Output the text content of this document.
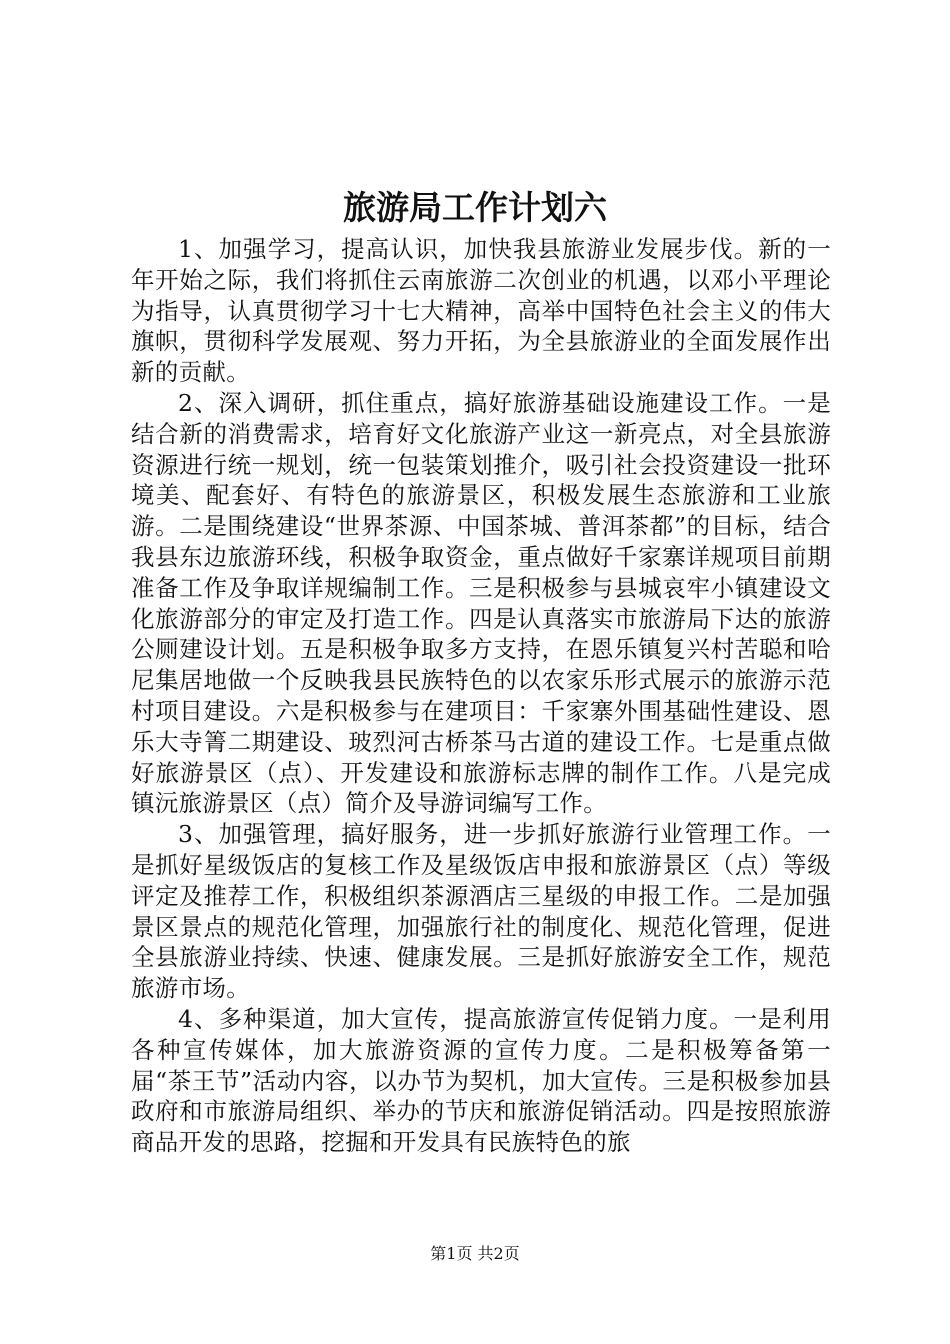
旅游局工作计划六

1、加强学习，提高认识，加快我县旅游业发展步伐。新的一年开始之际，我们将抓住云南旅游二次创业的机遇，以邓小平理论为指导，认真贯彻学习十七大精神，高举中国特色社会主义的伟大旗帜，贯彻科学发展观、努力开拓，为全县旅游业的全面发展作出新的贡献。

2、深入调研，抓住重点，搞好旅游基础设施建设工作。一是结合新的消费需求，培育好文化旅游产业这一新亮点，对全县旅游资源进行统一规划，统一包装策划推介，吸引社会投资建设一批环境美、配套好、有特色的旅游景区，积极发展生态旅游和工业旅游。二是围绕建设“世界茶源、中国茶城、普洱茶都”的目标，结合我县东边旅游环线，积极争取资金，重点做好千家寨详规项目前期准备工作及争取详规编制工作。三是积极参与县城哀牢小镇建设文化旅游部分的审定及打造工作。四是认真落实市旅游局下达的旅游公厕建设计划。五是积极争取多方支持，在恩乐镇复兴村苦聪和哈尼集居地做一个反映我县民族特色的以农家乐形式展示的旅游示范村项目建设。六是积极参与在建项目：千家寨外围基础性建设、恩乐大寺箐二期建设、玻烈河古桥茶马古道的建设工作。七是重点做好旅游景区（点）、开发建设和旅游标志牌的制作工作。八是完成镇沅旅游景区（点）简介及导游词编写工作。

3、加强管理，搞好服务，进一步抓好旅游行业管理工作。一是抓好星级饭店的复核工作及星级饭店申报和旅游景区（点）等级评定及推荐工作，积极组织茶源酒店三星级的申报工作。二是加强景区景点的规范化管理，加强旅行社的制度化、规范化管理，促进全县旅游业持续、快速、健康发展。三是抓好旅游安全工作，规范旅游市场。

4、多种渠道，加大宣传，提高旅游宣传促销力度。一是利用各种宣传媒体，加大旅游资源的宣传力度。二是积极筹备第一届“茶王节”活动内容，以办节为契机，加大宣传。三是积极参加县政府和市旅游局组织、举办的节庆和旅游促销活动。四是按照旅游商品开发的思路，挖掘和开发具有民族特色的旅

第1页 共2页
